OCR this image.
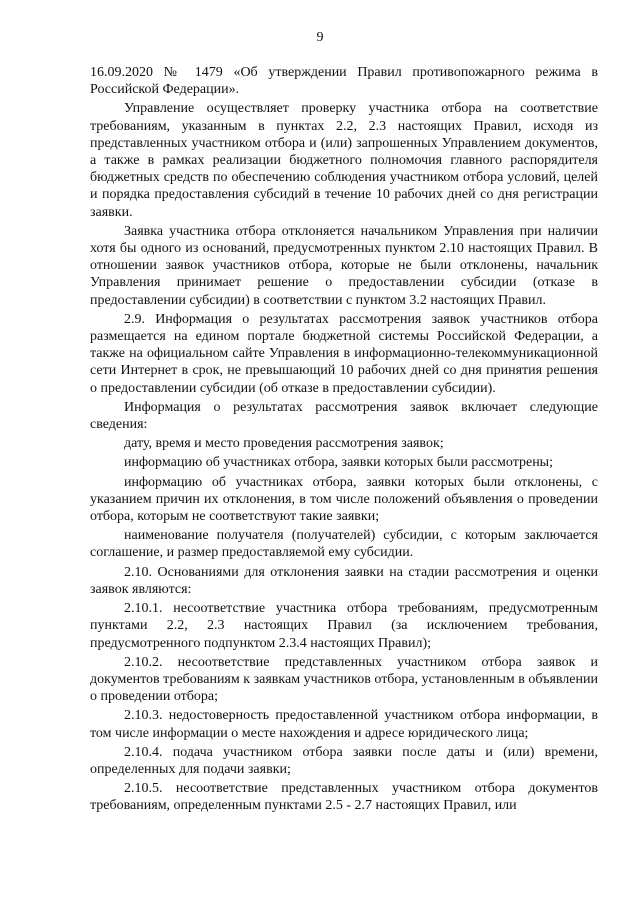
9

16.09.2020 № 1479 «Об утверждении Правил противопожарного режима в Российской Федерации».

Управление осуществляет проверку участника отбора на соответствие требованиям, указанным в пунктах 2.2, 2.3 настоящих Правил, исходя из представленных участником отбора и (или) запрошенных Управлением документов, а также в рамках реализации бюджетного полномочия главного распорядителя бюджетных средств по обеспечению соблюдения участником отбора условий, целей и порядка предоставления субсидий в течение 10 рабочих дней со дня регистрации заявки.

Заявка участника отбора отклоняется начальником Управления при наличии хотя бы одного из оснований, предусмотренных пунктом 2.10 настоящих Правил. В отношении заявок участников отбора, которые не были отклонены, начальник Управления принимает решение о предоставлении субсидии (отказе в предоставлении субсидии) в соответствии с пунктом 3.2 настоящих Правил.

2.9. Информация о результатах рассмотрения заявок участников отбора размещается на едином портале бюджетной системы Российской Федерации, а также на официальном сайте Управления в информационно-телекоммуникационной сети Интернет в срок, не превышающий 10 рабочих дней со дня принятия решения о предоставлении субсидии (об отказе в предоставлении субсидии).

Информация о результатах рассмотрения заявок включает следующие сведения:

дату, время и место проведения рассмотрения заявок;

информацию об участниках отбора, заявки которых были рассмотрены;

информацию об участниках отбора, заявки которых были отклонены, с указанием причин их отклонения, в том числе положений объявления о проведении отбора, которым не соответствуют такие заявки;

наименование получателя (получателей) субсидии, с которым заключается соглашение, и размер предоставляемой ему субсидии.

2.10. Основаниями для отклонения заявки на стадии рассмотрения и оценки заявок являются:

2.10.1. несоответствие участника отбора требованиям, предусмотренным пунктами 2.2, 2.3 настоящих Правил (за исключением требования, предусмотренного подпунктом 2.3.4 настоящих Правил);

2.10.2. несоответствие представленных участником отбора заявок и документов требованиям к заявкам участников отбора, установленным в объявлении о проведении отбора;

2.10.3. недостоверность предоставленной участником отбора информации, в том числе информации о месте нахождения и адресе юридического лица;

2.10.4. подача участником отбора заявки после даты и (или) времени, определенных для подачи заявки;

2.10.5. несоответствие представленных участником отбора документов требованиям, определенным пунктами 2.5 - 2.7 настоящих Правил, или
